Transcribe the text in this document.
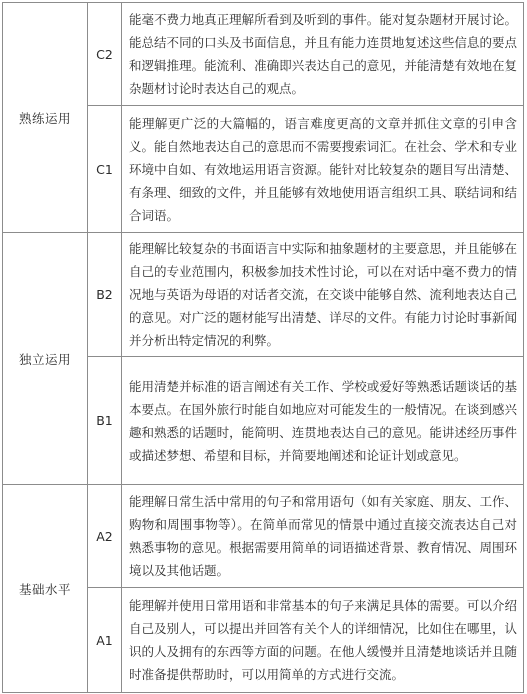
熟练运用	C2	能毫不费力地真正理解所看到及听到的事件。能对复杂题材开展讨论。能总结不同的口头及书面信息，并且有能力连贯地复述这些信息的要点和逻辑推理。能流利、准确即兴表达自己的意见，并能清楚有效地在复杂题材讨论时表达自己的观点。
	C1	能理解更广泛的大篇幅的，语言难度更高的文章并抓住文章的引申含义。能自然地表达自己的意思而不需要搜索词汇。在社会、学术和专业环境中自如、有效地运用语言资源。能针对比较复杂的题目写出清楚、有条理、细致的文件，并且能够有效地使用语言组织工具、联结词和结合词语。
独立运用	B2	能理解比较复杂的书面语言中实际和抽象题材的主要意思，并且能够在自己的专业范围内，积极参加技术性讨论，可以在对话中毫不费力的情况地与英语为母语的对话者交流，在交谈中能够自然、流利地表达自己的意见。对广泛的题材能写出清楚、详尽的文件。有能力讨论时事新闻并分析出特定情况的利弊。
	B1	能用清楚并标准的语言阐述有关工作、学校或爱好等熟悉话题谈话的基本要点。在国外旅行时能自如地应对可能发生的一般情况。在谈到感兴趣和熟悉的话题时，能简明、连贯地表达自己的意见。能讲述经历事件或描述梦想、希望和目标，并简要地阐述和论证计划或意见。
基础水平	A2	能理解日常生活中常用的句子和常用语句（如有关家庭、朋友、工作、购物和周围事物等）。在简单而常见的情景中通过直接交流表达自己对熟悉事物的意见。根据需要用简单的词语描述背景、教育情况、周围环境以及其他话题。
	A1	能理解并使用日常用语和非常基本的句子来满足具体的需要。可以介绍自己及别人，可以提出并回答有关个人的详细情况，比如住在哪里，认识的人及拥有的东西等方面的问题。在他人缓慢并且清楚地谈话并且随时准备提供帮助时，可以用简单的方式进行交流。
